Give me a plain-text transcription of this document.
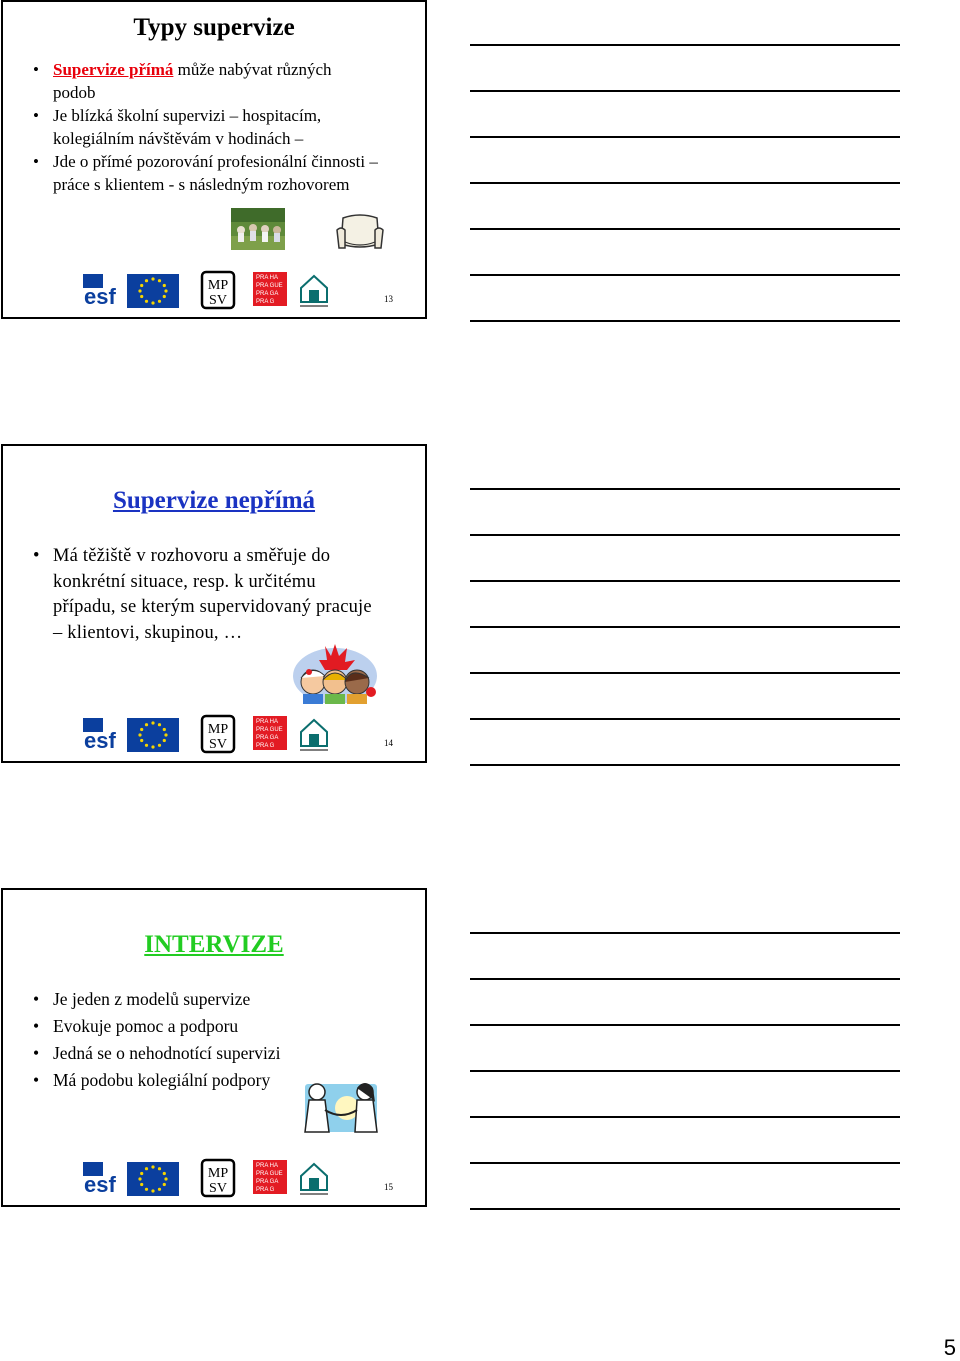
Typy supervize
• Supervize přímá může nabývat různých podob
• Je blízká školní supervizi – hospitacím, kolegiálním návštěvám v hodinách –
• Jde o přímé pozorování profesionální činnosti – práce s klientem - s následným rozhovorem
esf	MP
SV
PRA HA
PRA GUE
PRA GA
PRA G	13
Supervize nepřímá
• Má těžiště v rozhovoru a směřuje do konkrétní situace, resp. k určitému případu, se kterým supervidovaný pracuje – klientovi, skupinou, …
esf	MP
SV
PRA HA
PRA GUE
PRA GA
PRA G	14
INTERVIZE
• Je jeden z modelů supervize
• Evokuje pomoc a podporu
• Jedná se o nehodnotící supervizi
• Má podobu kolegiální podpory
esf	MP
SV
PRA HA
PRA GUE
PRA GA
PRA G	15
5
